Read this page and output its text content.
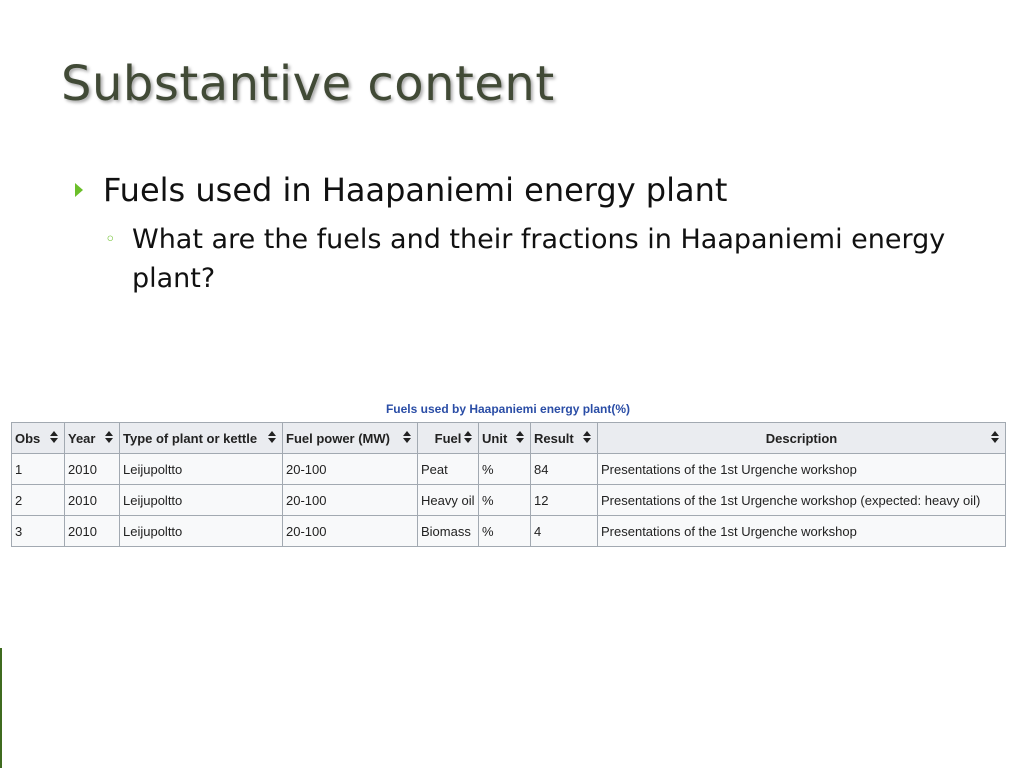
Substantive content
Fuels used in Haapaniemi energy plant
◦ What are the fuels and their fractions in Haapaniemi energy plant?
Fuels used by Haapaniemi energy plant(%)
Obs	Year	Type of plant or kettle	Fuel power (MW)	Fuel	Unit	Result	Description

1	2010	Leijupoltto	20-100	Peat	%	84	Presentations of the 1st Urgenche workshop
2	2010	Leijupoltto	20-100	Heavy oil	%	12	Presentations of the 1st Urgenche workshop (expected: heavy oil)
3	2010	Leijupoltto	20-100	Biomass	%	4	Presentations of the 1st Urgenche workshop
